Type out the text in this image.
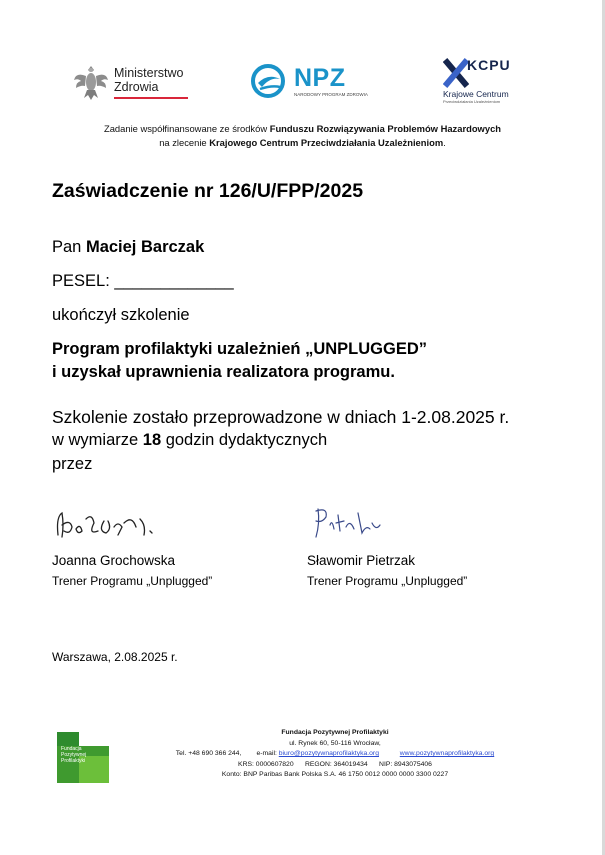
Ministerstwo
Zdrowia	NPZ
NARODOWY PROGRAM ZDROWIA
KCPU
Krajowe Centrum
Przeciwdziałania Uzależnieniom
Zadanie współfinansowane ze środków Funduszu Rozwiązywania Problemów Hazardowych
na zlecenie Krajowego Centrum Przeciwdziałania Uzależnieniom.
Zaświadczenie nr 126/U/FPP/2025
Pan Maciej Barczak
PESEL: _____________
ukończył szkolenie
Program profilaktyki uzależnień „UNPLUGGED”
i uzyskał uprawnienia realizatora programu.
Szkolenie zostało przeprowadzone w dniach 1-2.08.2025 r.
w wymiarze 18 godzin dydaktycznych
przez
Joanna Grochowska
Trener Programu „Unplugged”
Sławomir Pietrzak
Trener Programu „Unplugged”
Warszawa, 2.08.2025 r.
Fundacja
Pozytywnej
Profilaktyki
Fundacja Pozytywnej Profilaktyki
ul. Rynek 60, 50-116 Wrocław,
Tel. +48 690 366 244, e-mail: biuro@pozytywnaprofilaktyka.org	www.pozytywnaprofilaktyka.org
KRS: 0000607820 REGON: 364019434 NIP: 8943075406
Konto: BNP Paribas Bank Polska S.A. 46 1750 0012 0000 0000 3300 0227
